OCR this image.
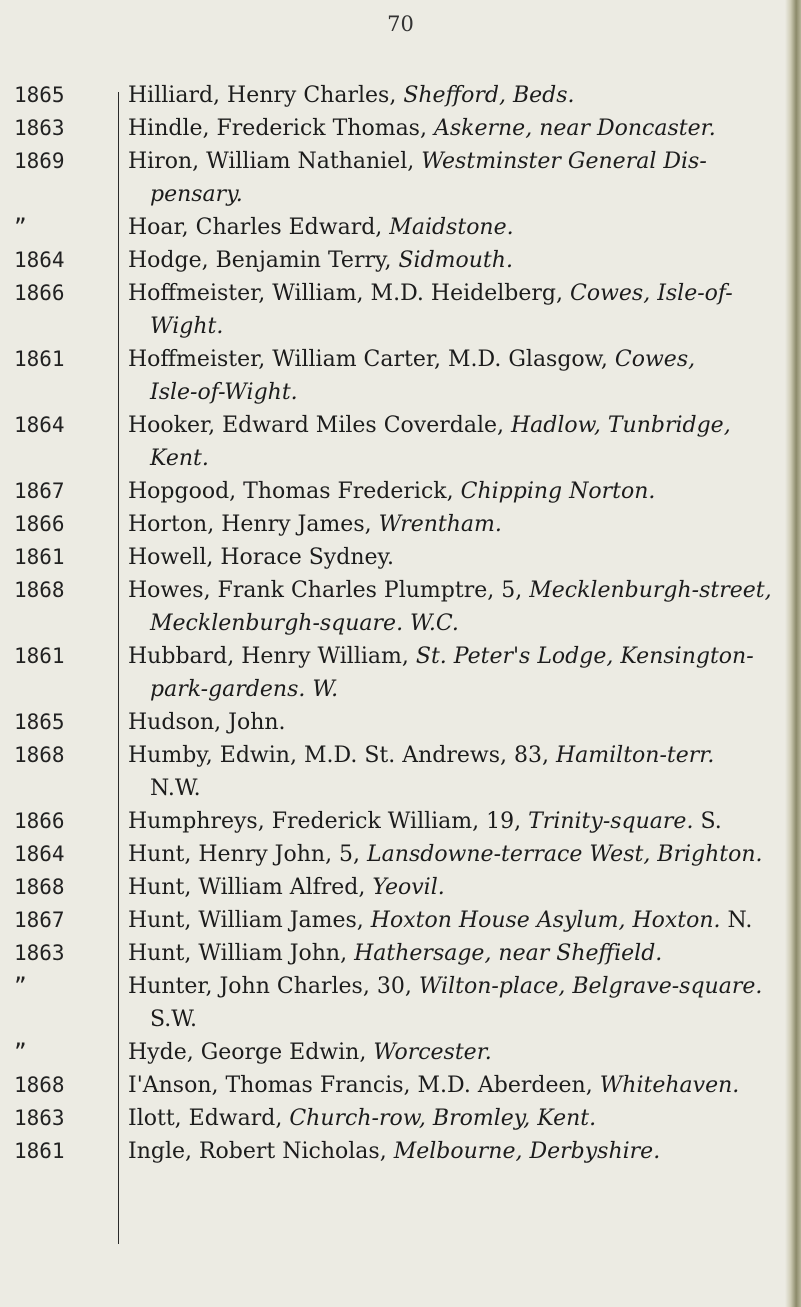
70
1865	Hilliard, Henry Charles, Shefford, Beds.
1863	Hindle, Frederick Thomas, Askerne, near Doncaster.
1869	Hiron, William Nathaniel, Westminster General Dis-
pensary.
”	Hoar, Charles Edward, Maidstone.
1864	Hodge, Benjamin Terry, Sidmouth.
1866	Hoffmeister, William, M.D. Heidelberg, Cowes, Isle-of-
Wight.
1861	Hoffmeister, William Carter, M.D. Glasgow, Cowes,
Isle-of-Wight.
1864	Hooker, Edward Miles Coverdale, Hadlow, Tunbridge,
Kent.
1867	Hopgood, Thomas Frederick, Chipping Norton.
1866	Horton, Henry James, Wrentham.
1861	Howell, Horace Sydney.
1868	Howes, Frank Charles Plumptre, 5, Mecklenburgh-street,
Mecklenburgh-square. W.C.
1861	Hubbard, Henry William, St. Peter's Lodge, Kensington-
park-gardens. W.
1865	Hudson, John.
1868	Humby, Edwin, M.D. St. Andrews, 83, Hamilton-terr.
N.W.
1866	Humphreys, Frederick William, 19, Trinity-square. S.
1864	Hunt, Henry John, 5, Lansdowne-terrace West, Brighton.
1868	Hunt, William Alfred, Yeovil.
1867	Hunt, William James, Hoxton House Asylum, Hoxton. N.
1863	Hunt, William John, Hathersage, near Sheffield.
”	Hunter, John Charles, 30, Wilton-place, Belgrave-square.
S.W.
”	Hyde, George Edwin, Worcester.
1868	I'Anson, Thomas Francis, M.D. Aberdeen, Whitehaven.
1863	Ilott, Edward, Church-row, Bromley, Kent.
1861	Ingle, Robert Nicholas, Melbourne, Derbyshire.
